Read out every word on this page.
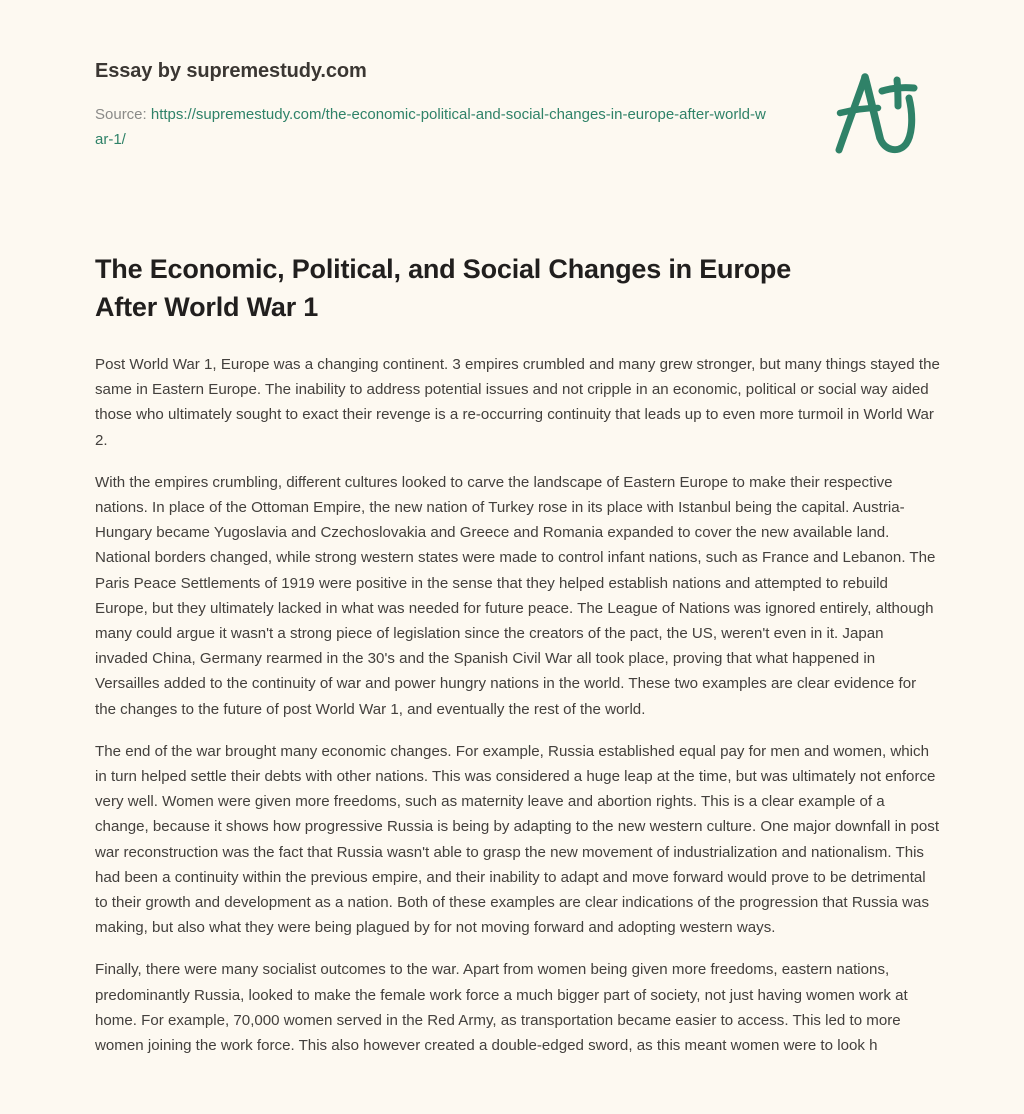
Essay by supremestudy.com

Source: https://supremestudy.com/the-economic-political-and-social-changes-in-europe-after-world-war-1/

The Economic, Political, and Social Changes in Europe After World War 1

Post World War 1, Europe was a changing continent. 3 empires crumbled and many grew stronger, but many things stayed the same in Eastern Europe. The inability to address potential issues and not cripple in an economic, political or social way aided those who ultimately sought to exact their revenge is a re-occurring continuity that leads up to even more turmoil in World War 2.

With the empires crumbling, different cultures looked to carve the landscape of Eastern Europe to make their respective nations. In place of the Ottoman Empire, the new nation of Turkey rose in its place with Istanbul being the capital. Austria-Hungary became Yugoslavia and Czechoslovakia and Greece and Romania expanded to cover the new available land. National borders changed, while strong western states were made to control infant nations, such as France and Lebanon. The Paris Peace Settlements of 1919 were positive in the sense that they helped establish nations and attempted to rebuild Europe, but they ultimately lacked in what was needed for future peace. The League of Nations was ignored entirely, although many could argue it wasn't a strong piece of legislation since the creators of the pact, the US, weren't even in it. Japan invaded China, Germany rearmed in the 30's and the Spanish Civil War all took place, proving that what happened in Versailles added to the continuity of war and power hungry nations in the world. These two examples are clear evidence for the changes to the future of post World War 1, and eventually the rest of the world.

The end of the war brought many economic changes. For example, Russia established equal pay for men and women, which in turn helped settle their debts with other nations. This was considered a huge leap at the time, but was ultimately not enforce very well. Women were given more freedoms, such as maternity leave and abortion rights. This is a clear example of a change, because it shows how progressive Russia is being by adapting to the new western culture. One major downfall in post war reconstruction was the fact that Russia wasn't able to grasp the new movement of industrialization and nationalism. This had been a continuity within the previous empire, and their inability to adapt and move forward would prove to be detrimental to their growth and development as a nation. Both of these examples are clear indications of the progression that Russia was making, but also what they were being plagued by for not moving forward and adopting western ways.

Finally, there were many socialist outcomes to the war. Apart from women being given more freedoms, eastern nations, predominantly Russia, looked to make the female work force a much bigger part of society, not just having women work at home. For example, 70,000 women served in the Red Army, as transportation became easier to access. This led to more women joining the work force. This also however created a double-edged sword, as this meant women were to look h
